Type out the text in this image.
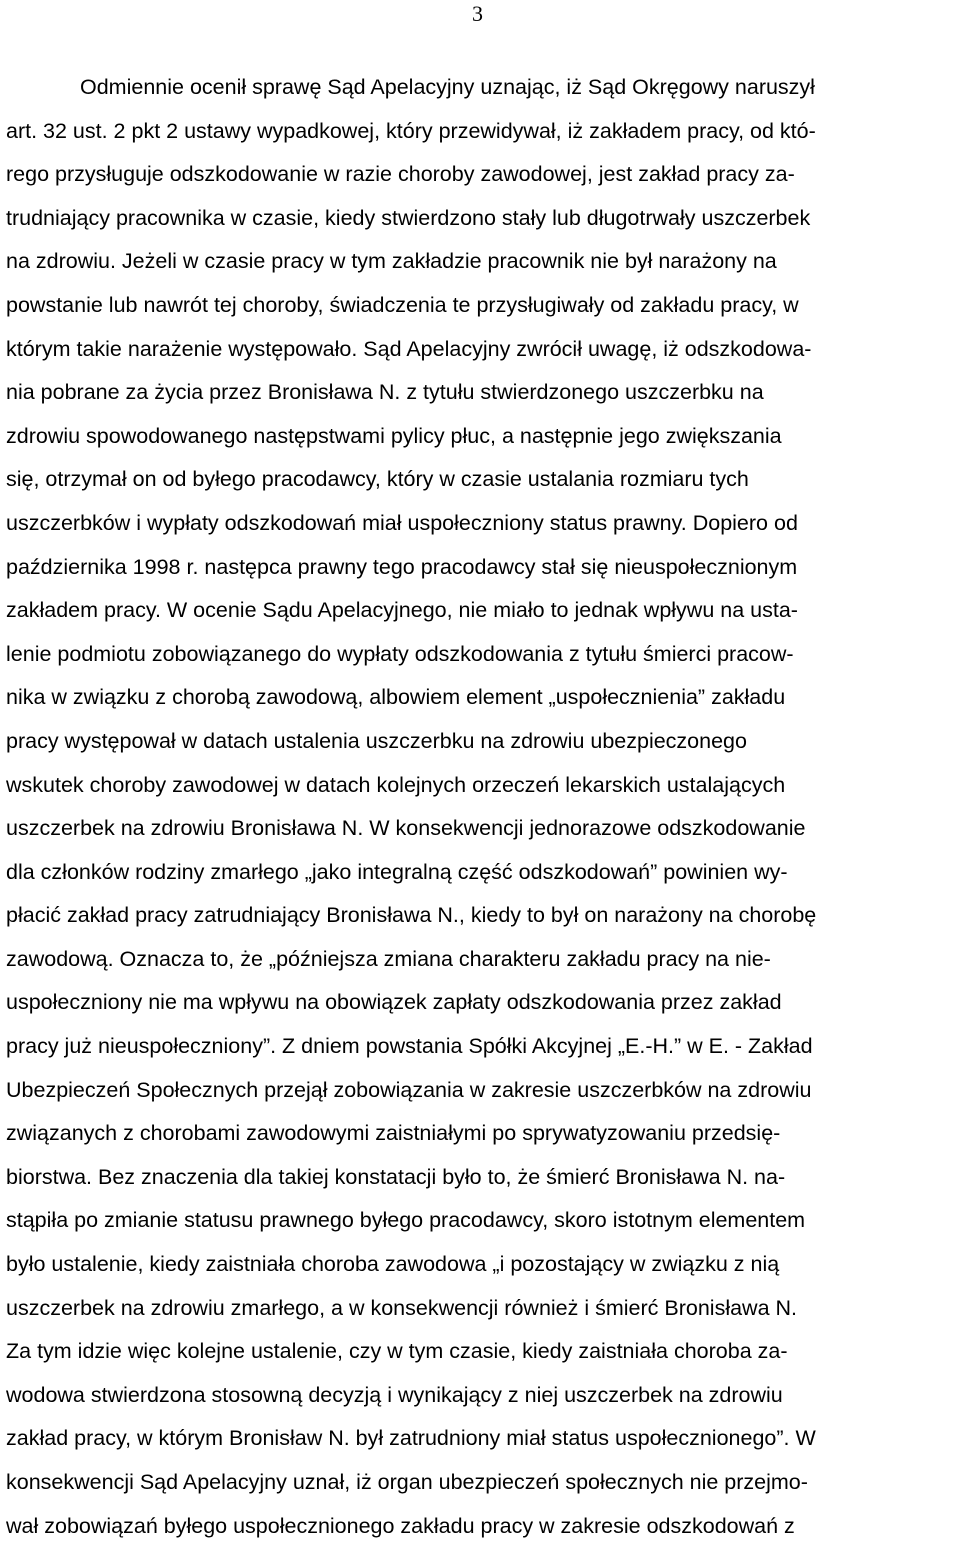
3
Odmiennie ocenił sprawę Sąd Apelacyjny uznając, iż Sąd Okręgowy naruszył
art. 32 ust. 2 pkt 2 ustawy wypadkowej, który przewidywał, iż zakładem pracy, od któ-
rego przysługuje odszkodowanie w razie choroby zawodowej, jest zakład pracy za-
trudniający pracownika w czasie, kiedy stwierdzono stały lub długotrwały uszczerbek
na zdrowiu. Jeżeli w czasie pracy w tym zakładzie pracownik nie był narażony na
powstanie lub nawrót tej choroby, świadczenia te przysługiwały od zakładu pracy, w
którym takie narażenie występowało. Sąd Apelacyjny zwrócił uwagę, iż odszkodowa-
nia pobrane za życia przez Bronisława N. z tytułu stwierdzonego uszczerbku na
zdrowiu spowodowanego następstwami pylicy płuc, a następnie jego zwiększania
się, otrzymał on od byłego pracodawcy, który w czasie ustalania rozmiaru tych
uszczerbków i wypłaty odszkodowań miał uspołeczniony status prawny. Dopiero od
października 1998 r. następca prawny tego pracodawcy stał się nieuspołecznionym
zakładem pracy. W ocenie Sądu Apelacyjnego, nie miało to jednak wpływu na usta-
lenie podmiotu zobowiązanego do wypłaty odszkodowania z tytułu śmierci pracow-
nika w związku z chorobą zawodową, albowiem element „uspołecznienia” zakładu
pracy występował w datach ustalenia uszczerbku na zdrowiu ubezpieczonego
wskutek choroby zawodowej w datach kolejnych orzeczeń lekarskich ustalających
uszczerbek na zdrowiu Bronisława N. W konsekwencji jednorazowe odszkodowanie
dla członków rodziny zmarłego „jako integralną część odszkodowań” powinien wy-
płacić zakład pracy zatrudniający Bronisława N., kiedy to był on narażony na chorobę
zawodową. Oznacza to, że „późniejsza zmiana charakteru zakładu pracy na nie-
uspołeczniony nie ma wpływu na obowiązek zapłaty odszkodowania przez zakład
pracy już nieuspołeczniony”. Z dniem powstania Spółki Akcyjnej „E.-H.” w E. - Zakład
Ubezpieczeń Społecznych przejął zobowiązania w zakresie uszczerbków na zdrowiu
związanych z chorobami zawodowymi zaistniałymi po sprywatyzowaniu przedsię-
biorstwa. Bez znaczenia dla takiej konstatacji było to, że śmierć Bronisława N. na-
stąpiła po zmianie statusu prawnego byłego pracodawcy, skoro istotnym elementem
było ustalenie, kiedy zaistniała choroba zawodowa „i pozostający w związku z nią
uszczerbek na zdrowiu zmarłego, a w konsekwencji również i śmierć Bronisława N.
Za tym idzie więc kolejne ustalenie, czy w tym czasie, kiedy zaistniała choroba za-
wodowa stwierdzona stosowną decyzją i wynikający z niej uszczerbek na zdrowiu
zakład pracy, w którym Bronisław N. był zatrudniony miał status uspołecznionego”. W
konsekwencji Sąd Apelacyjny uznał, iż organ ubezpieczeń społecznych nie przejmo-
wał zobowiązań byłego uspołecznionego zakładu pracy w zakresie odszkodowań z
